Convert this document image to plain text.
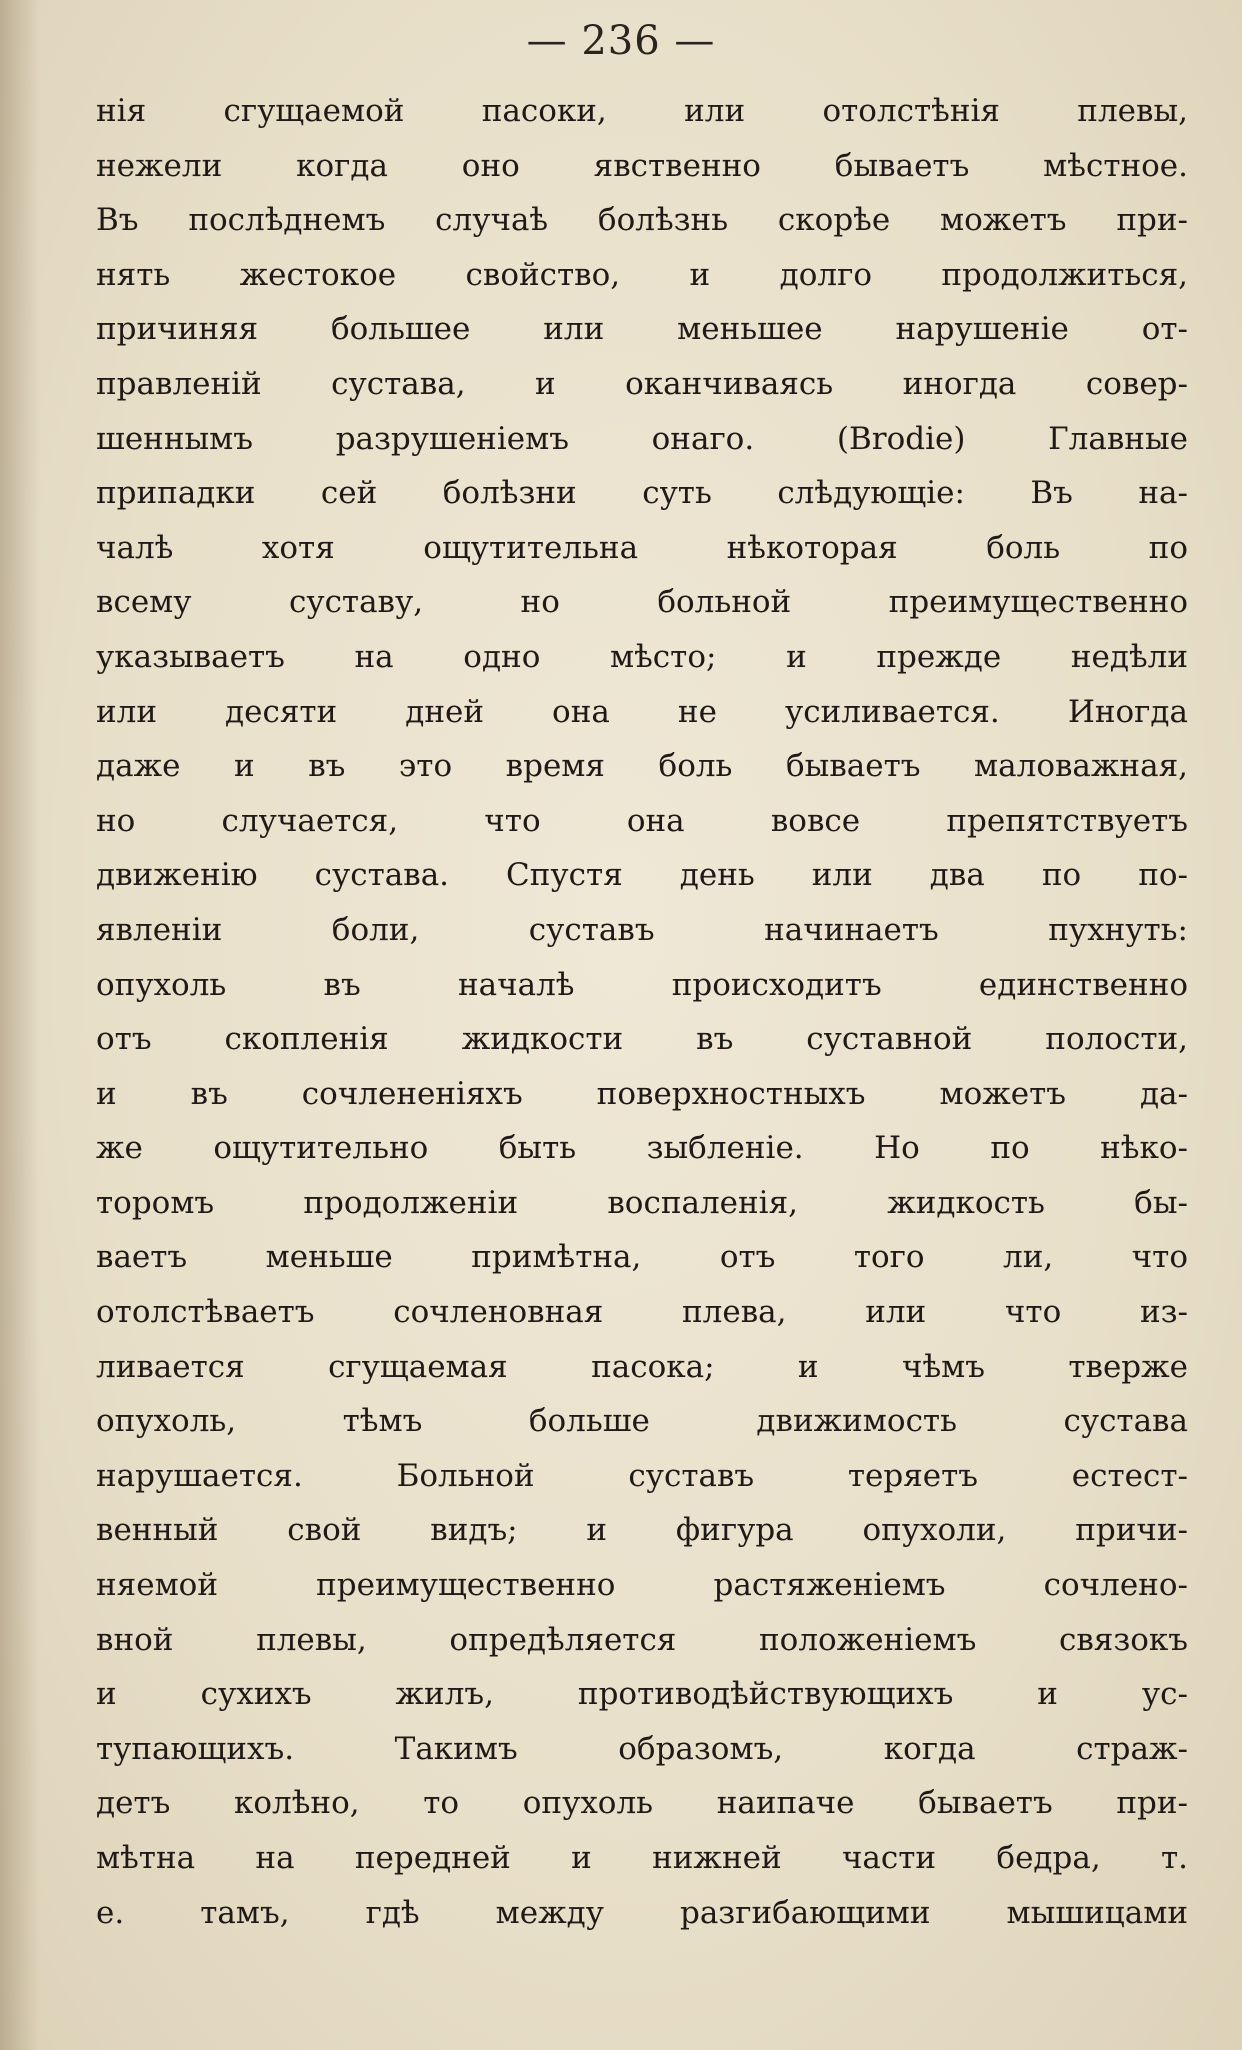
— 236 —
нія сгущаемой пасоки, или отолстѣнія плевы,
нежели когда оно явственно бываетъ мѣстное.
Въ послѣднемъ случаѣ болѣзнь скорѣе можетъ при-
нять жестокое свойство, и долго продолжиться,
причиняя большее или меньшее нарушеніе от-
правленій сустава, и оканчиваясь иногда совер-
шеннымъ разрушеніемъ онаго. (Brodie) Главные
припадки сей болѣзни суть слѣдующіе: Въ на-
чалѣ хотя ощутительна нѣкоторая боль по
всему суставу, но больной преимущественно
указываетъ на одно мѣсто; и прежде недѣли
или десяти дней она не усиливается. Иногда
даже и въ это время боль бываетъ маловажная,
но случается, что она вовсе препятствуетъ
движенію сустава. Спустя день или два по по-
явленіи боли, суставъ начинаетъ пухнуть:
опухоль въ началѣ происходитъ единственно
отъ скопленія жидкости въ суставной полости,
и въ сочлененіяхъ поверхностныхъ можетъ да-
же ощутительно быть зыбленіе. Но по нѣко-
торомъ продолженіи воспаленія, жидкость бы-
ваетъ меньше примѣтна, отъ того ли, что
отолстѣваетъ сочленовная плева, или что из-
ливается сгущаемая пасока; и чѣмъ тверже
опухоль, тѣмъ больше движимость сустава
нарушается. Больной суставъ теряетъ естест-
венный свой видъ; и фигура опухоли, причи-
няемой преимущественно растяженіемъ сочлено-
вной плевы, опредѣляется положеніемъ связокъ
и сухихъ жилъ, противодѣйствующихъ и ус-
тупающихъ. Такимъ образомъ, когда страж-
детъ колѣно, то опухоль наипаче бываетъ при-
мѣтна на передней и нижней части бедра, т.
е. тамъ, гдѣ между разгибающими мышицами
